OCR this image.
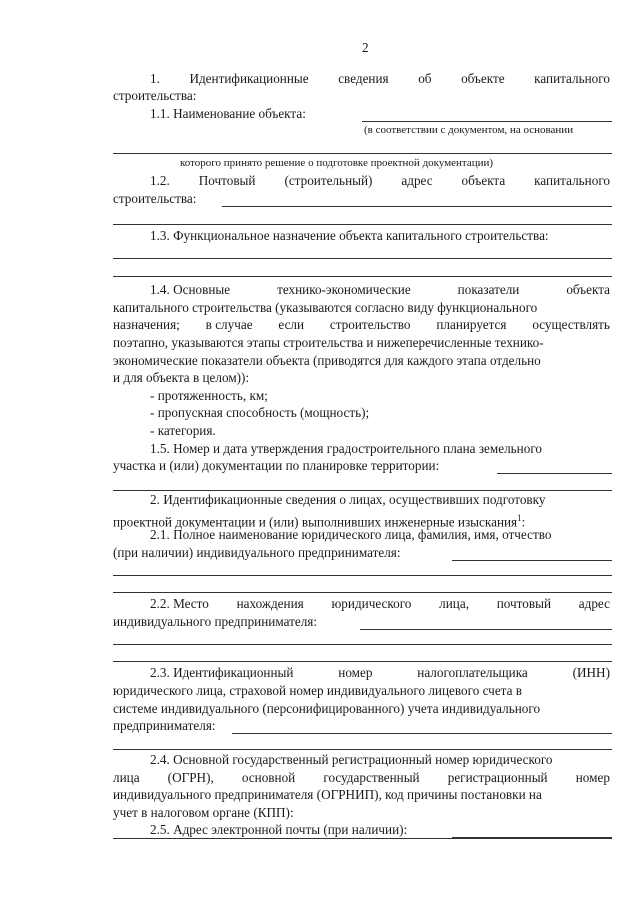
2
1. Идентификационные сведения об объекте капитального
строительства:
1.1. Наименование объекта:
(в соответствии с документом, на основании
которого принято решение о подготовке проектной документации)
1.2. Почтовый (строительный) адрес объекта капитального
строительства:
1.3. Функциональное назначение объекта капитального строительства:
1.4. Основные	технико-экономические	показатели	объекта
капитального строительства (указываются согласно виду функционального
назначения; в случае если строительство планируется осуществлять
поэтапно, указываются этапы строительства и нижеперечисленные технико-
экономические показатели объекта (приводятся для каждого этапа отдельно
и для объекта в целом)):
- протяженность, км;
- пропускная способность (мощность);
- категория.
1.5. Номер и дата утверждения градостроительного плана земельного
участка и (или) документации по планировке территории:
2. Идентификационные сведения о лицах, осуществивших подготовку
проектной документации и (или) выполнивших инженерные изыскания$^1$:
2.1. Полное наименование юридического лица, фамилия, имя, отчество
(при наличии) индивидуального предпринимателя:
2.2. Место нахождения юридического лица, почтовый адрес
индивидуального предпринимателя:
2.3. Идентификационный	номер	налогоплательщика	(ИНН)
юридического лица, страховой номер индивидуального лицевого счета в
системе индивидуального (персонифицированного) учета индивидуального
предпринимателя:
2.4. Основной государственный регистрационный номер юридического
лица (ОГРН), основной государственный регистрационный номер
индивидуального предпринимателя (ОГРНИП), код причины постановки на
учет в налоговом органе (КПП):
2.5. Адрес электронной почты (при наличии):
